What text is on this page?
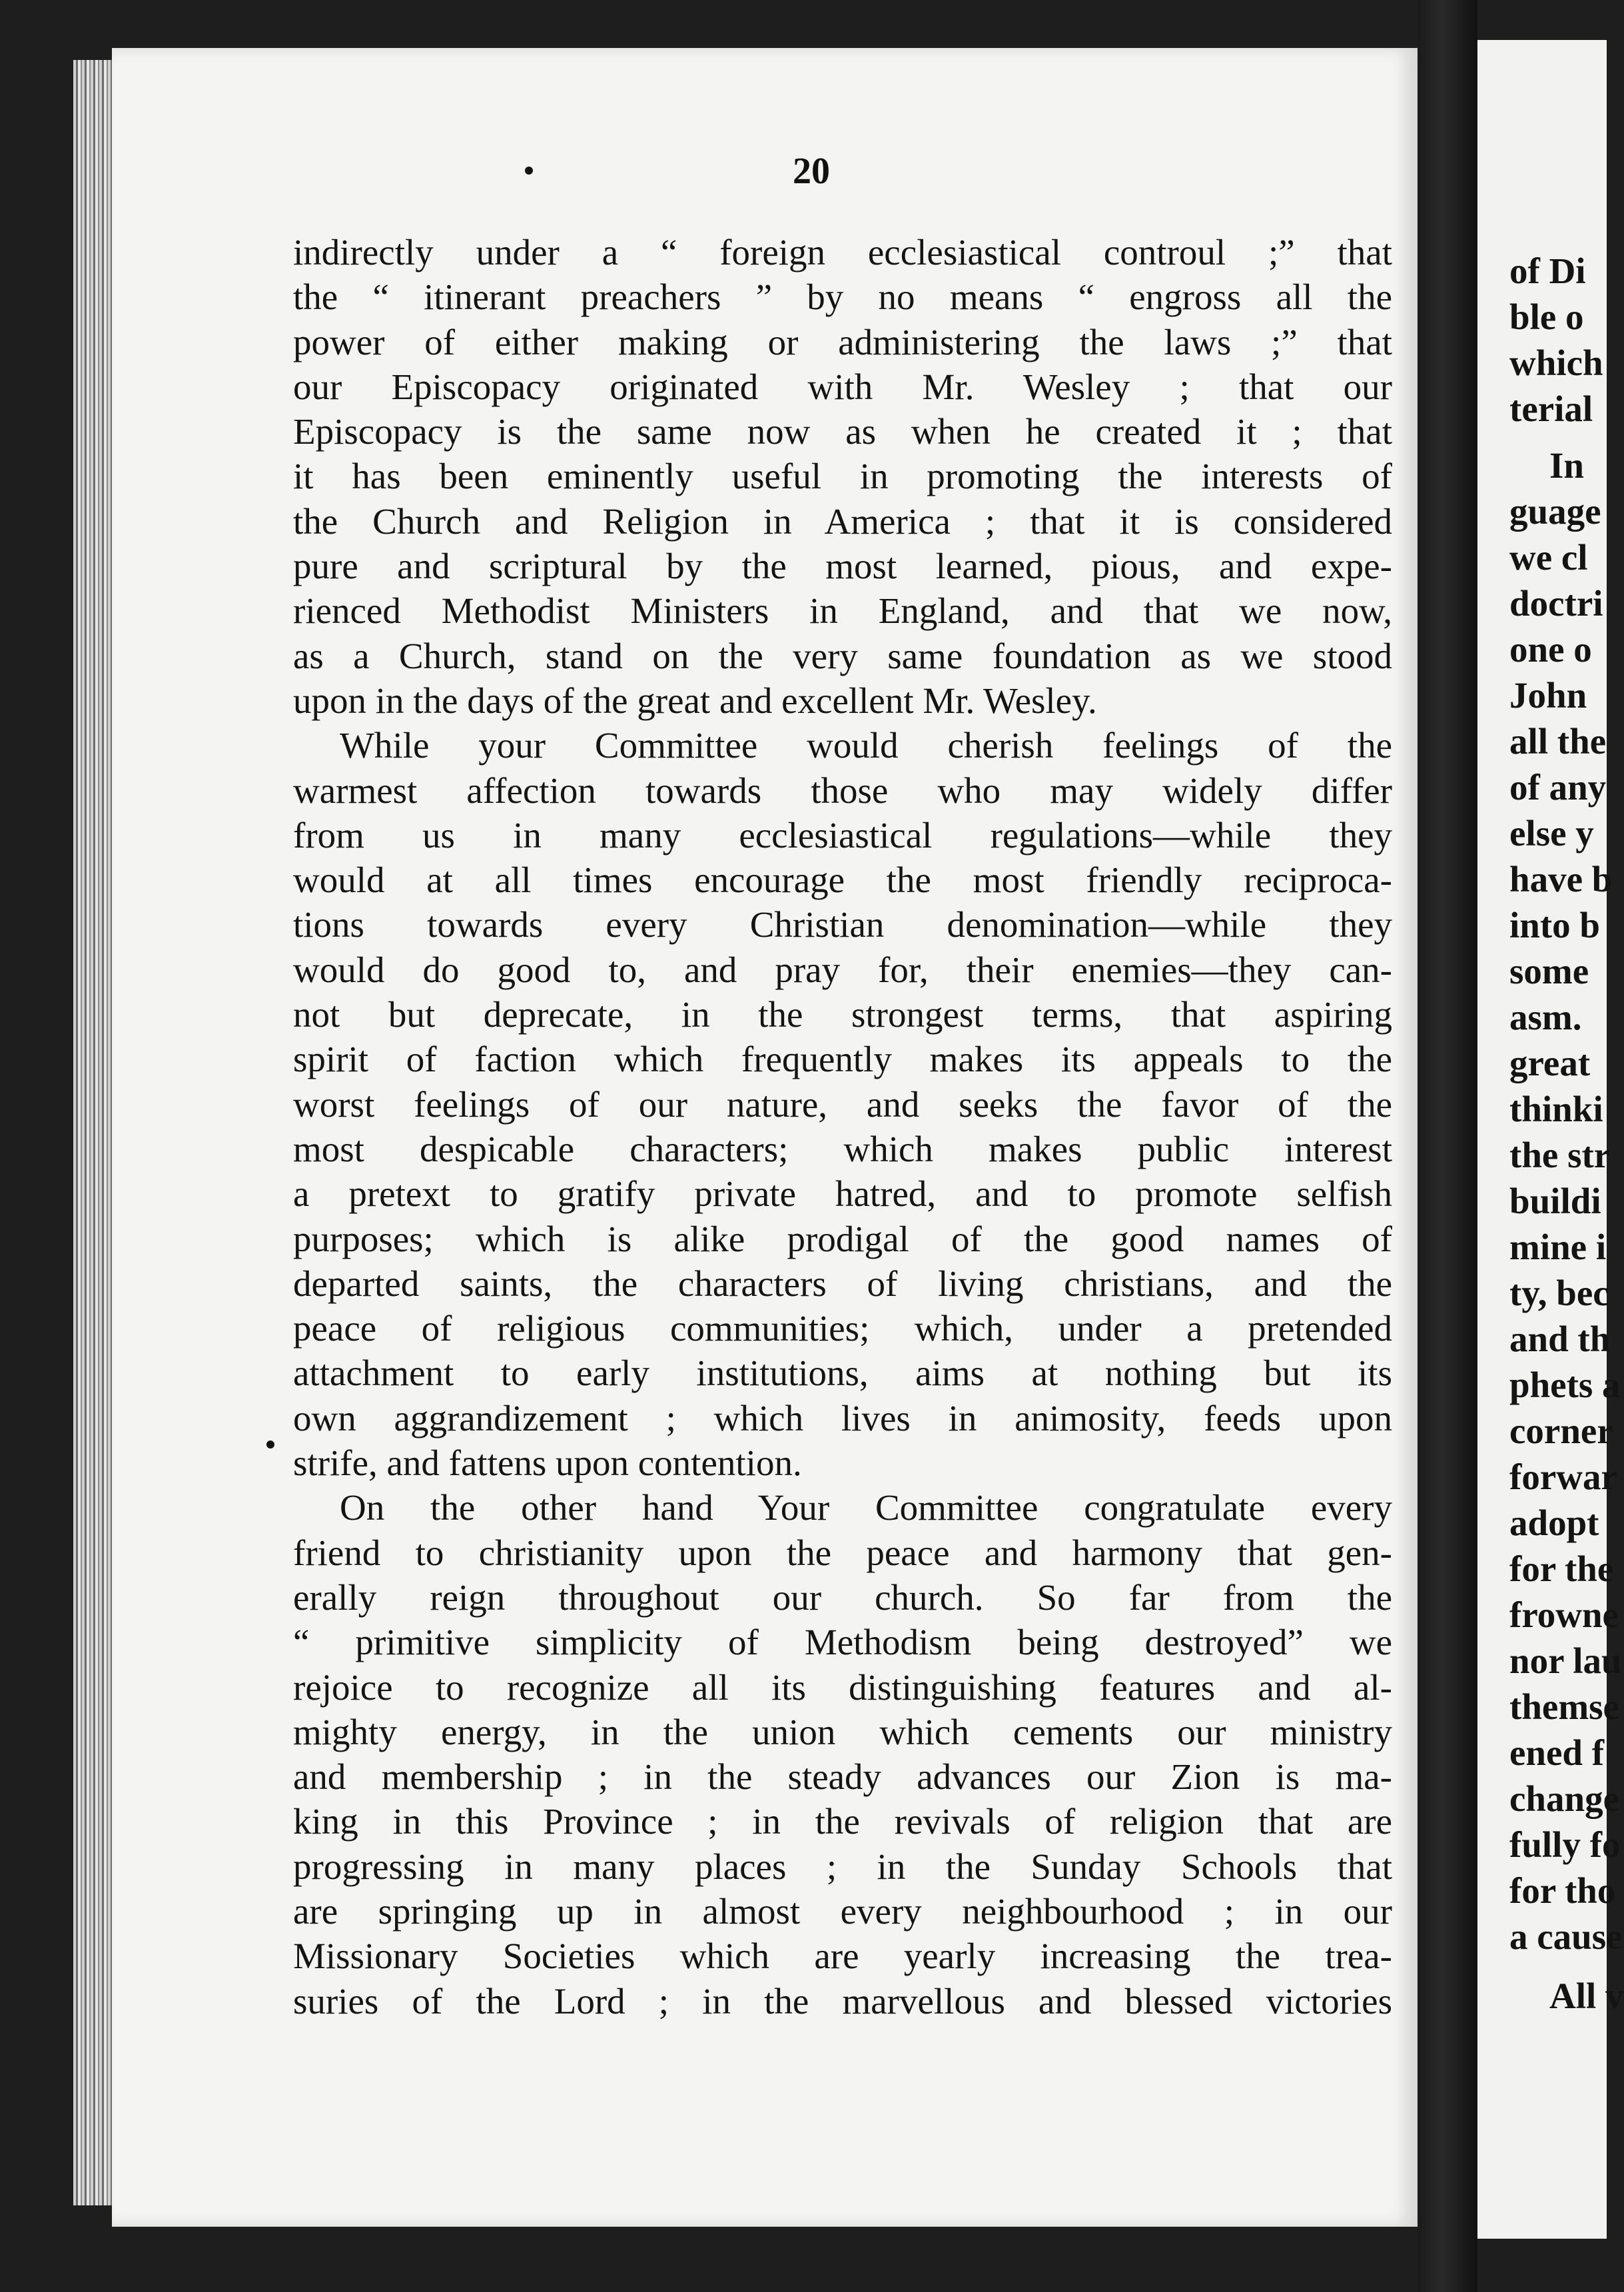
20
indirectly under a “ foreign ecclesiastical controul ;” that
the “ itinerant preachers ” by no means “ engross all the
power of either making or administering the laws ;” that
our Episcopacy originated with Mr. Wesley ; that our
Episcopacy is the same now as when he created it ; that
it has been eminently useful in promoting the interests of
the Church and Religion in America ; that it is considered
pure and scriptural by the most learned, pious, and expe-
rienced Methodist Ministers in England, and that we now,
as a Church, stand on the very same foundation as we stood
upon in the days of the great and excellent Mr. Wesley.
While your Committee would cherish feelings of the
warmest affection towards those who may widely differ
from us in many ecclesiastical regulations—while they
would at all times encourage the most friendly reciproca-
tions towards every Christian denomination—while they
would do good to, and pray for, their enemies—they can-
not but deprecate, in the strongest terms, that aspiring
spirit of faction which frequently makes its appeals to the
worst feelings of our nature, and seeks the favor of the
most despicable characters; which makes public interest
a pretext to gratify private hatred, and to promote selfish
purposes; which is alike prodigal of the good names of
departed saints, the characters of living christians, and the
peace of religious communities; which, under a pretended
attachment to early institutions, aims at nothing but its
own aggrandizement ; which lives in animosity, feeds upon
strife, and fattens upon contention.
On the other hand Your Committee congratulate every
friend to christianity upon the peace and harmony that gen-
erally reign throughout our church. So far from the
“ primitive simplicity of Methodism being destroyed” we
rejoice to recognize all its distinguishing features and al-
mighty energy, in the union which cements our ministry
and membership ; in the steady advances our Zion is ma-
king in this Province ; in the revivals of religion that are
progressing in many places ; in the Sunday Schools that
are springing up in almost every neighbourhood ; in our
Missionary Societies which are yearly increasing the trea-
suries of the Lord ; in the marvellous and blessed victories
of Di
ble o
which
terial
In
guage
we cl
doctri
one o
John
all the
of any
else y
have b
into b
some
asm.
great
thinki
the str
buildi
mine i
ty, bec
and th
phets a
corner
forwar
adopt
for the
frowne
nor lau
themse
ened f
change
fully fo
for tho
a cause
All v
